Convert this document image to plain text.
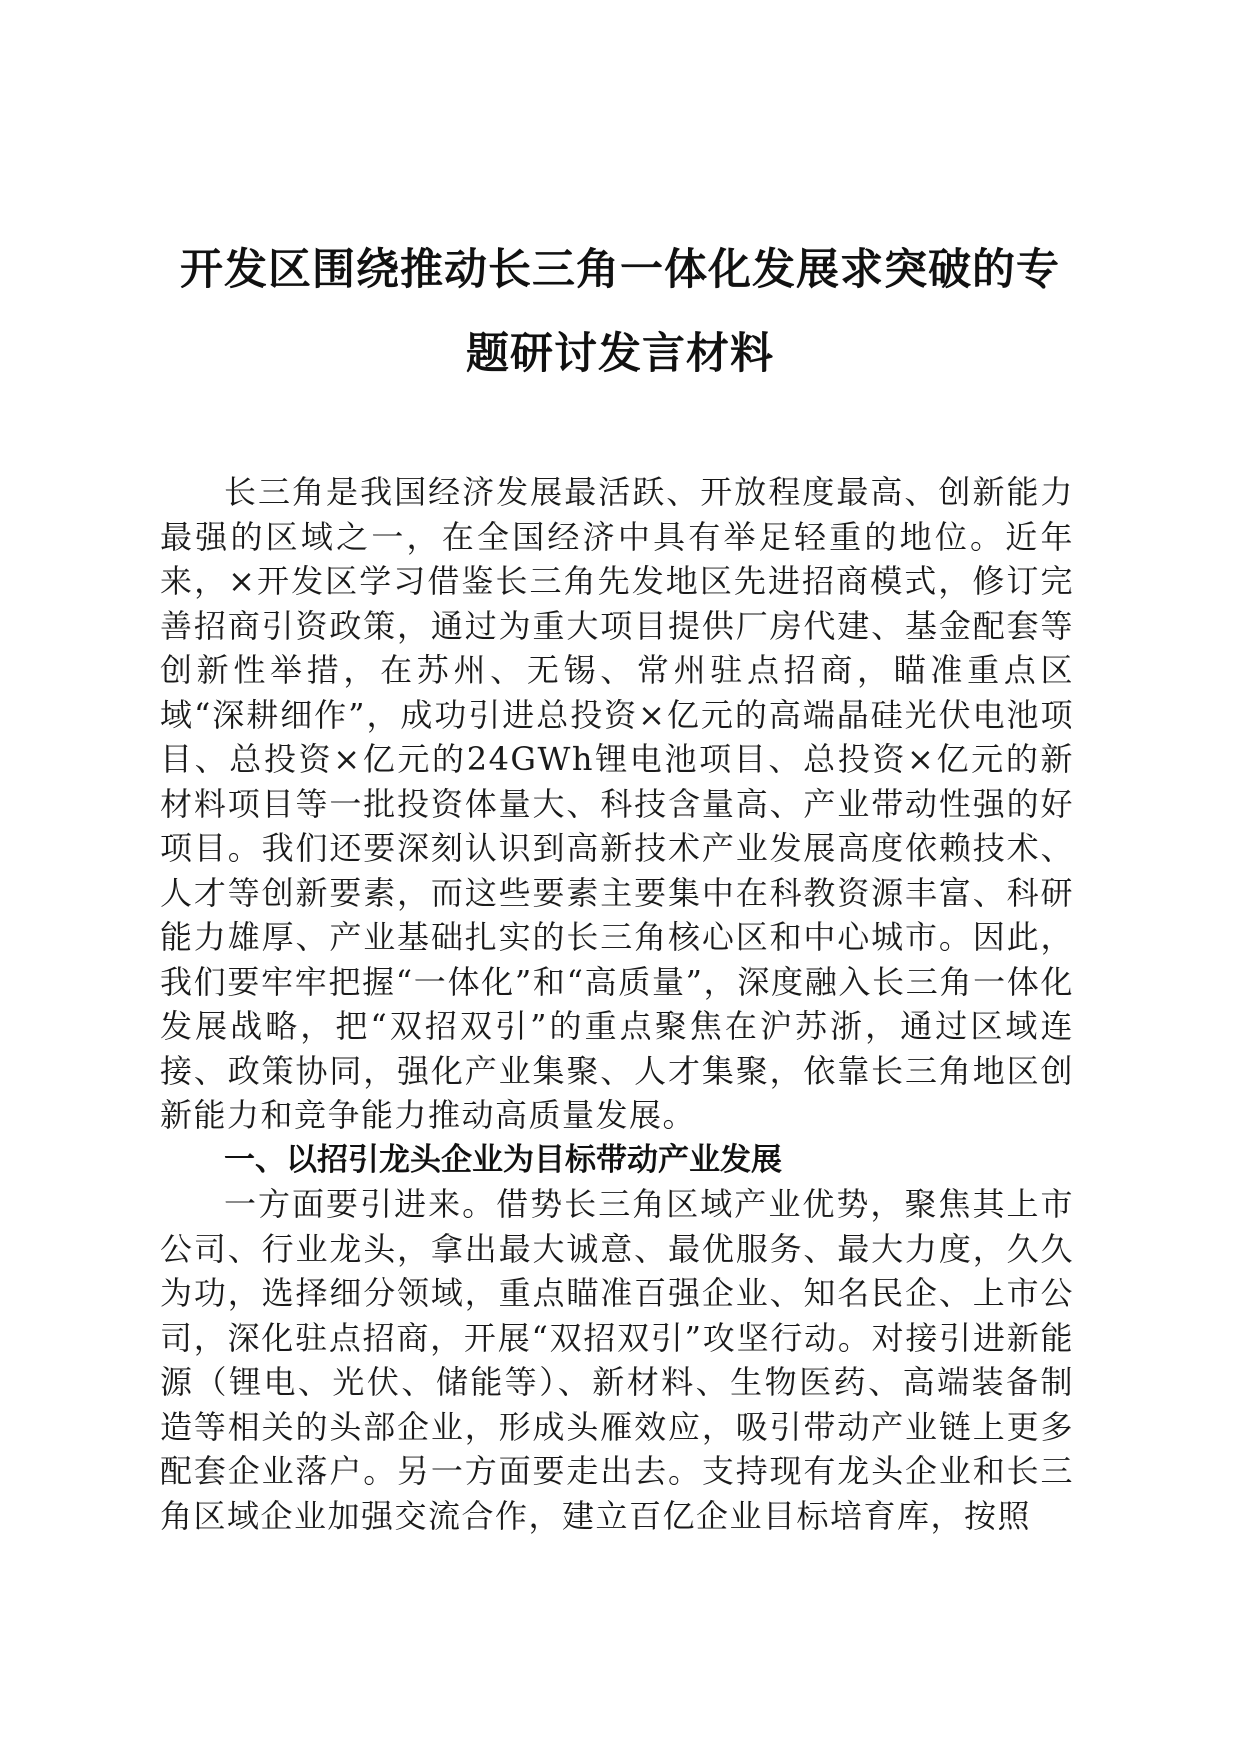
开发区围绕推动长三角一体化发展求突破的专
题研讨发言材料

长三角是我国经济发展最活跃、开放程度最高、创新能力最强的区域之一，在全国经济中具有举足轻重的地位。近年来，×开发区学习借鉴长三角先发地区先进招商模式，修订完善招商引资政策，通过为重大项目提供厂房代建、基金配套等创新性举措，在苏州、无锡、常州驻点招商，瞄准重点区域“深耕细作”，成功引进总投资×亿元的高端晶硅光伏电池项目、总投资×亿元的24GWh锂电池项目、总投资×亿元的新材料项目等一批投资体量大、科技含量高、产业带动性强的好项目。我们还要深刻认识到高新技术产业发展高度依赖技术、人才等创新要素，而这些要素主要集中在科教资源丰富、科研能力雄厚、产业基础扎实的长三角核心区和中心城市。因此，我们要牢牢把握“一体化”和“高质量”，深度融入长三角一体化发展战略，把“双招双引”的重点聚焦在沪苏浙，通过区域连接、政策协同，强化产业集聚、人才集聚，依靠长三角地区创新能力和竞争能力推动高质量发展。

一、以招引龙头企业为目标带动产业发展

一方面要引进来。借势长三角区域产业优势，聚焦其上市公司、行业龙头，拿出最大诚意、最优服务、最大力度，久久为功，选择细分领域，重点瞄准百强企业、知名民企、上市公司，深化驻点招商，开展“双招双引”攻坚行动。对接引进新能源（锂电、光伏、储能等）、新材料、生物医药、高端装备制造等相关的头部企业，形成头雁效应，吸引带动产业链上更多配套企业落户。另一方面要走出去。支持现有龙头企业和长三角区域企业加强交流合作，建立百亿企业目标培育库，按照
